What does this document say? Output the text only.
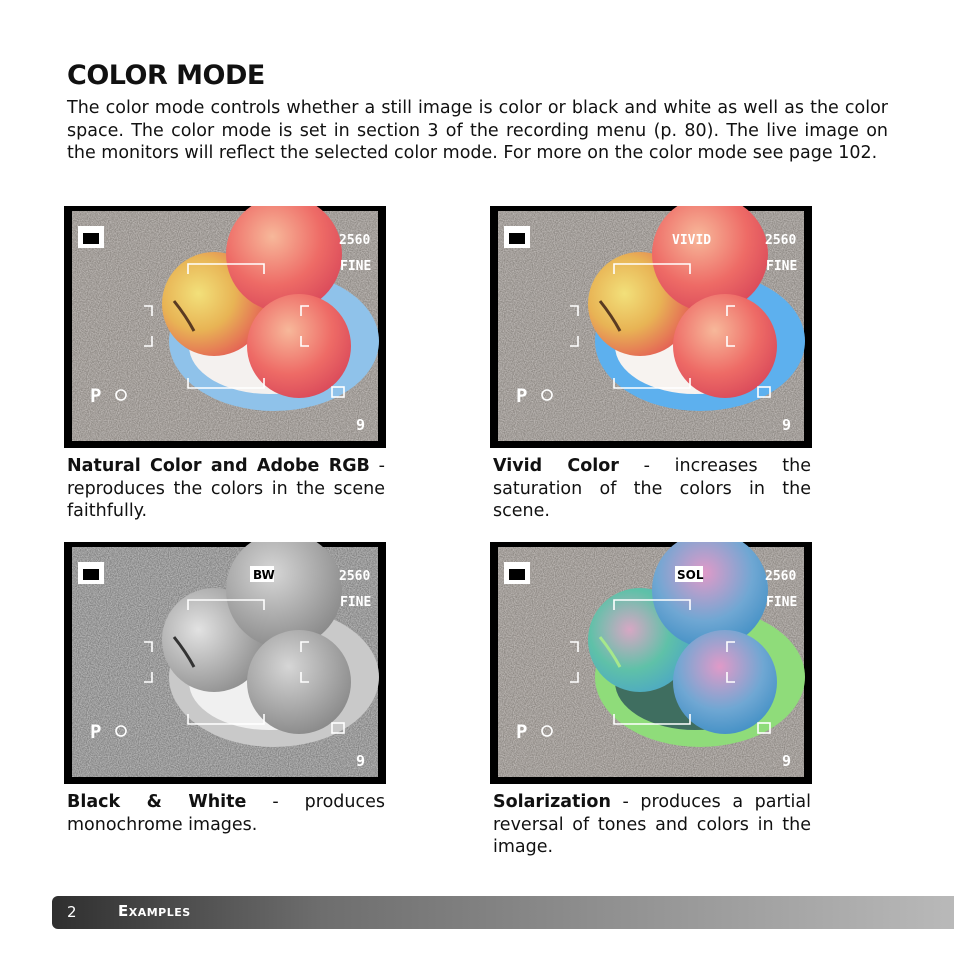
COLOR MODE
The color mode controls whether a still image is color or black and white as well as the color space. The color mode is set in section 3 of the recording menu (p. 80). The live image on the monitors will reflect the selected color mode. For more on the color mode see page 102.
2560
FINE
P
9
Natural Color and Adobe RGB - reproduces the colors in the scene faithfully.
VIVID	2560
FINE
P
9
Vivid Color - increases the saturation of the colors in the scene.
BW	2560
FINE
P
9
Black & White - produces monochrome images.
SOL	2560
FINE
P
9
Solarization - produces a partial reversal of tones and colors in the image.
2	Examples
